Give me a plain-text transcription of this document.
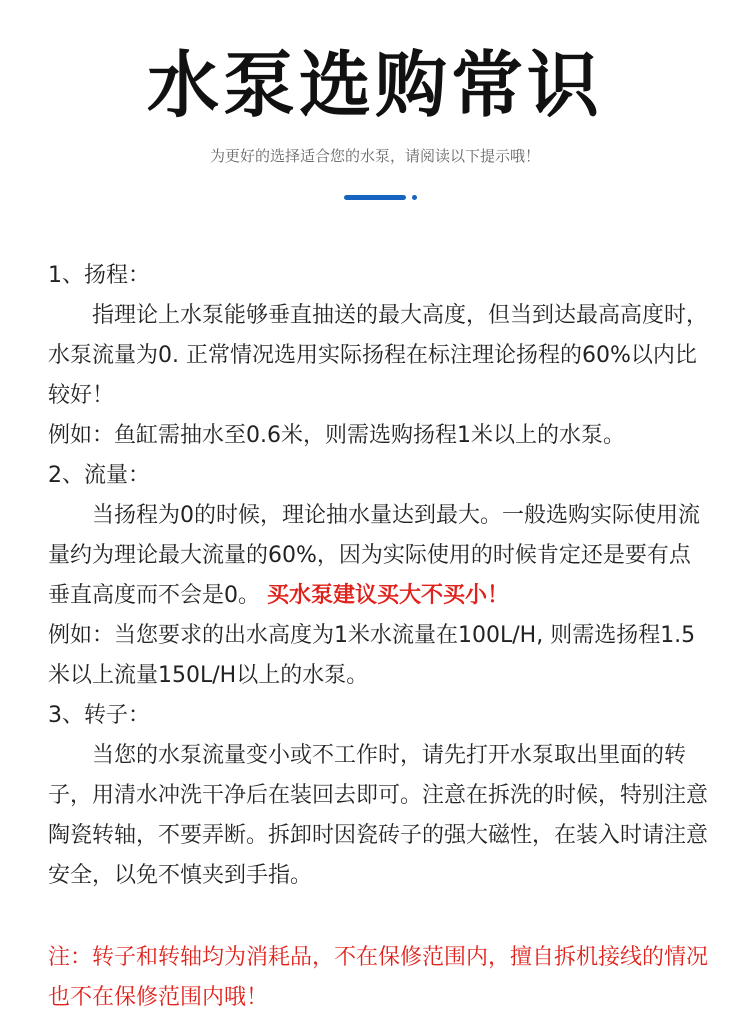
水泵选购常识
为更好的选择适合您的水泵，请阅读以下提示哦！

1、扬程：

指理论上水泵能够垂直抽送的最大高度，但当到达最高高度时，水泵流量为0. 正常情况选用实际扬程在标注理论扬程的60%以内比较好！

例如：鱼缸需抽水至0.6米，则需选购扬程1米以上的水泵。

2、流量：

当扬程为0的时候，理论抽水量达到最大。一般选购实际使用流量约为理论最大流量的60%，因为实际使用的时候肯定还是要有点垂直高度而不会是0。 买水泵建议买大不买小！

例如：当您要求的出水高度为1米水流量在100L/H, 则需选扬程1.5米以上流量150L/H以上的水泵。

3、转子：

当您的水泵流量变小或不工作时，请先打开水泵取出里面的转子，用清水冲洗干净后在装回去即可。注意在拆洗的时候，特别注意陶瓷转轴，不要弄断。拆卸时因瓷砖子的强大磁性，在装入时请注意安全，以免不慎夹到手指。

注：转子和转轴均为消耗品，不在保修范围内，擅自拆机接线的情况也不在保修范围内哦！
